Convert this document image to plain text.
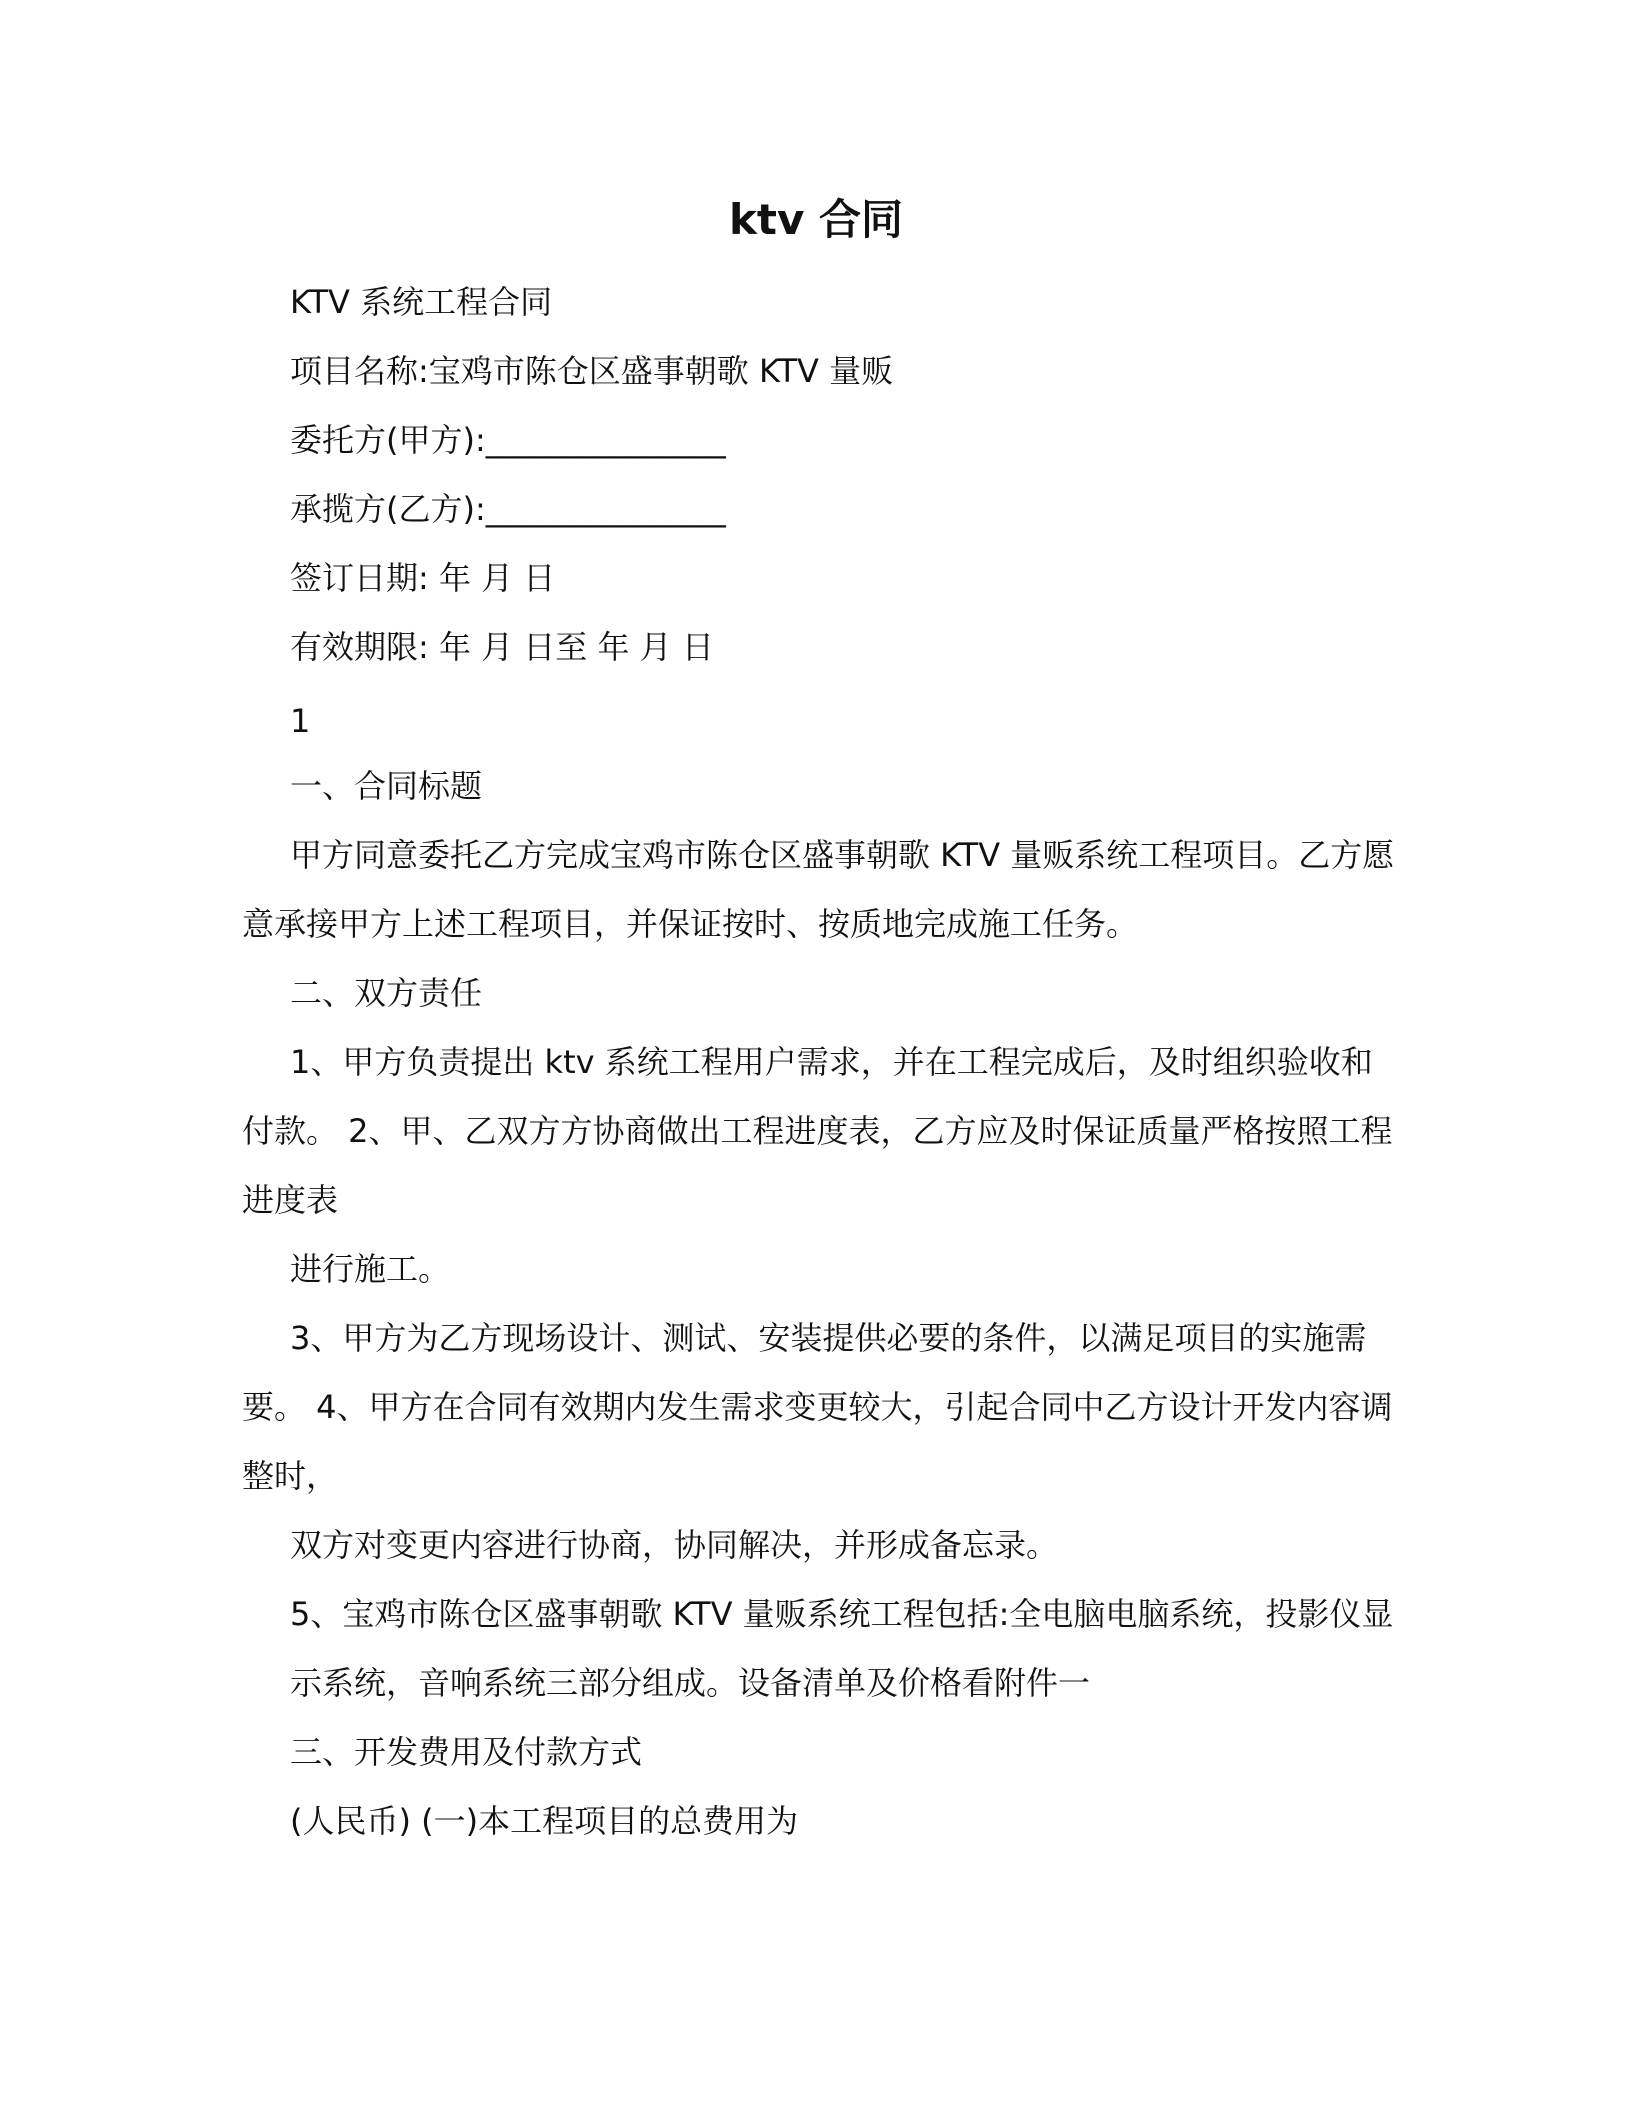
ktv 合同
KTV 系统工程合同
项目名称:宝鸡市陈仓区盛事朝歌 KTV 量贩
委托方(甲方):_______________
承揽方(乙方):_______________
签订日期: 年 月 日
有效期限: 年 月 日至 年 月 日
1
一、合同标题
甲方同意委托乙方完成宝鸡市陈仓区盛事朝歌 KTV 量贩系统工程项目。乙方愿
意承接甲方上述工程项目，并保证按时、按质地完成施工任务。
二、双方责任
1、甲方负责提出 ktv 系统工程用户需求，并在工程完成后，及时组织验收和
付款。 2、甲、乙双方方协商做出工程进度表，乙方应及时保证质量严格按照工程
进度表
进行施工。
3、甲方为乙方现场设计、测试、安装提供必要的条件，以满足项目的实施需
要。 4、甲方在合同有效期内发生需求变更较大，引起合同中乙方设计开发内容调
整时，
双方对变更内容进行协商，协同解决，并形成备忘录。
5、宝鸡市陈仓区盛事朝歌 KTV 量贩系统工程包括:全电脑电脑系统，投影仪显
示系统，音响系统三部分组成。设备清单及价格看附件一
三、开发费用及付款方式
(人民币) (一)本工程项目的总费用为
